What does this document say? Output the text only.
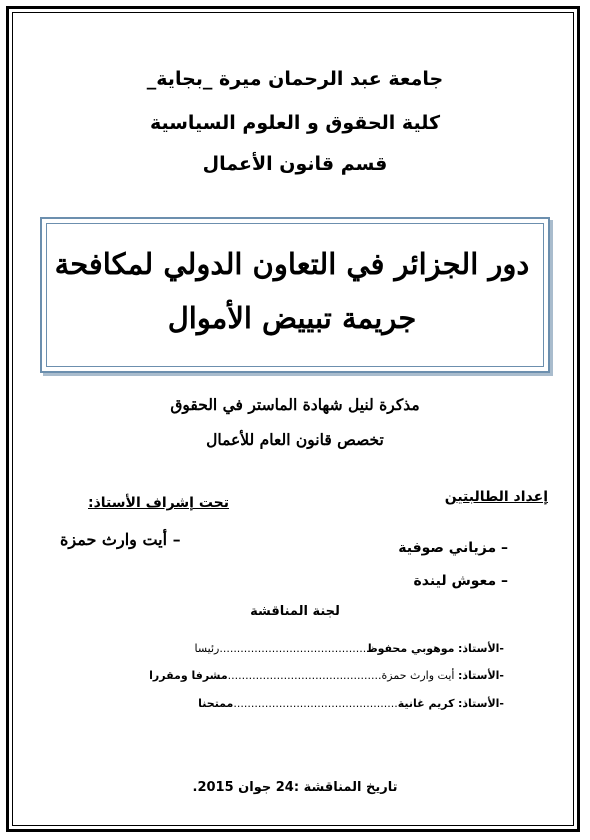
جامعة عبد الرحمان ميرة _بجاية_
كلية الحقوق و العلوم السياسية
قسم قانون الأعمال
دور الجزائر في التعاون الدولي لمكافحة
جريمة تبييض الأموال
مذكرة لنيل شهادة الماستر في الحقوق
تخصص قانون العام للأعمال
إعداد الطالبتين
تحت إشراف الأستاذ:
– أيت وارث حمزة	– مزياني صوفية
– معوش ليندة
لجنة المناقشة
-الأستاذ: موهوبي محفوظ..........................................رئيسا
-الأستاذ: أيت وارث حمزة............................................مشرفا ومقررا
-الأستاذ: كريم غانية...............................................ممتحنا
تاريخ المناقشة :24 جوان 2015.
